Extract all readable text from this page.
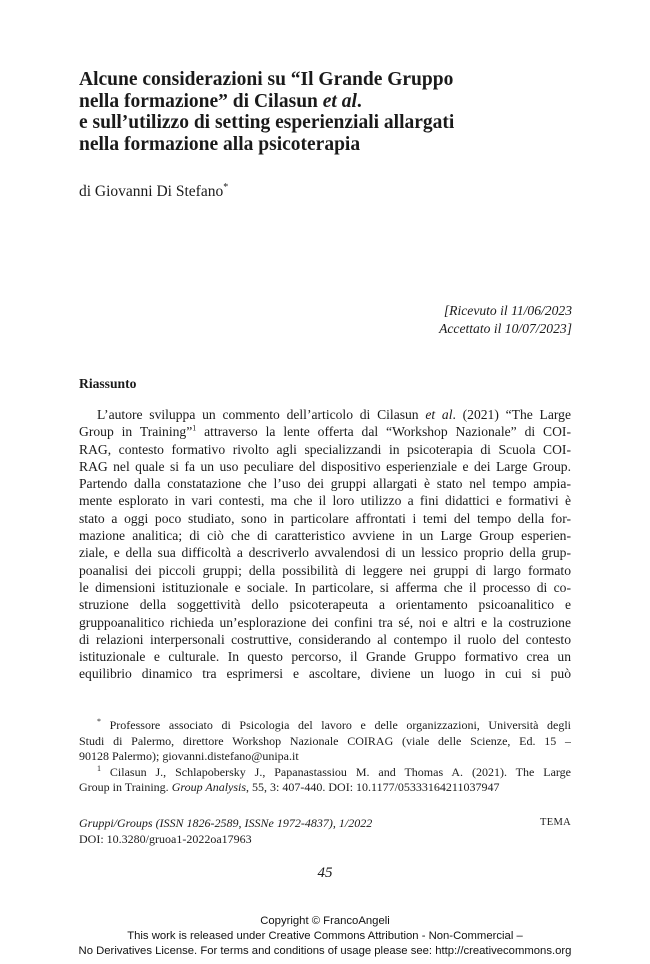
Alcune considerazioni su “Il Grande Gruppo
nella formazione” di Cilasun et al.
e sull’utilizzo di setting esperienziali allargati
nella formazione alla psicoterapia
di Giovanni Di Stefano*
[Ricevuto il 11/06/2023
Accettato il 10/07/2023]
Riassunto
L’autore sviluppa un commento dell’articolo di Cilasun et al. (2021) “The Large
Group in Training”$^1$ attraverso la lente offerta dal “Workshop Nazionale” di COI-
RAG, contesto formativo rivolto agli specializzandi in psicoterapia di Scuola COI-
RAG nel quale si fa un uso peculiare del dispositivo esperienziale e dei Large Group.
Partendo dalla constatazione che l’uso dei gruppi allargati è stato nel tempo ampia-
mente esplorato in vari contesti, ma che il loro utilizzo a fini didattici e formativi è
stato a oggi poco studiato, sono in particolare affrontati i temi del tempo della for-
mazione analitica; di ciò che di caratteristico avviene in un Large Group esperien-
ziale, e della sua difficoltà a descriverlo avvalendosi di un lessico proprio della grup-
poanalisi dei piccoli gruppi; della possibilità di leggere nei gruppi di largo formato
le dimensioni istituzionale e sociale. In particolare, si afferma che il processo di co-
struzione della soggettività dello psicoterapeuta a orientamento psicoanalitico e
gruppoanalitico richieda un’esplorazione dei confini tra sé, noi e altri e la costruzione
di relazioni interpersonali costruttive, considerando al contempo il ruolo del contesto
istituzionale e culturale. In questo percorso, il Grande Gruppo formativo crea un
equilibrio dinamico tra esprimersi e ascoltare, diviene un luogo in cui si può
* Professore associato di Psicologia del lavoro e delle organizzazioni, Università degli
Studi di Palermo, direttore Workshop Nazionale COIRAG (viale delle Scienze, Ed. 15 –
90128 Palermo); giovanni.distefano@unipa.it
$^1$ Cilasun J., Schlapobersky J., Papanastassiou M. and Thomas A. (2021). The Large
Group in Training. Group Analysis, 55, 3: 407-440. DOI: 10.1177/05333164211037947
Gruppi/Groups (ISSN 1826-2589, ISSNe 1972-4837), 1/2022
DOI: 10.3280/gruoa1-2022oa17963
TEMA
45
Copyright © FrancoAngeli
This work is released under Creative Commons Attribution - Non-Commercial –
No Derivatives License. For terms and conditions of usage please see: http://creativecommons.org
